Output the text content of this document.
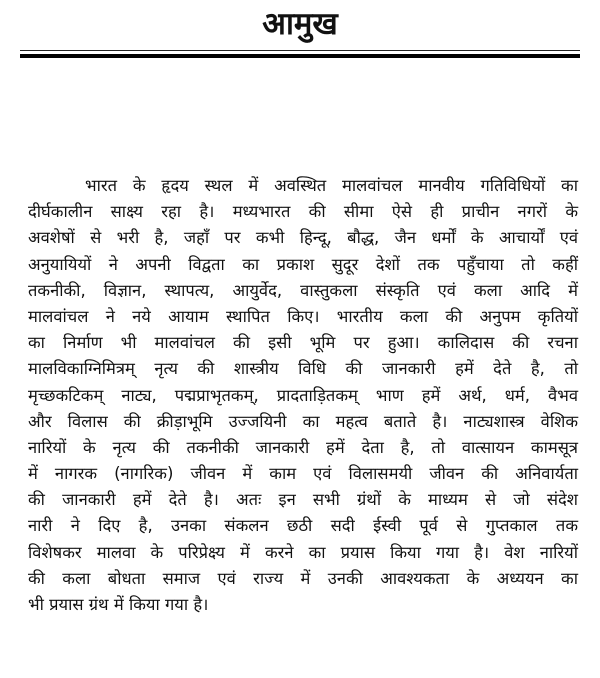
आमुख
भारत के हृदय स्थल में अवस्थित मालवांचल मानवीय गतिविधियों का
दीर्घकालीन साक्ष्य रहा है। मध्यभारत की सीमा ऐसे ही प्राचीन नगरों के
अवशेषों से भरी है, जहाँ पर कभी हिन्दू, बौद्ध, जैन धर्मों के आचार्यों एवं
अनुयायियों ने अपनी विद्वता का प्रकाश सुदूर देशों तक पहुँचाया तो कहीं
तकनीकी, विज्ञान, स्थापत्य, आयुर्वेद, वास्तुकला संस्कृति एवं कला आदि में
मालवांचल ने नये आयाम स्थापित किए। भारतीय कला की अनुपम कृतियों
का निर्माण भी मालवांचल की इसी भूमि पर हुआ। कालिदास की रचना
मालविकाग्निमित्रम् नृत्य की शास्त्रीय विधि की जानकारी हमें देते है, तो
मृच्छकटिकम् नाट्य, पद्मप्राभृतकम्, प्रादताड़ितकम् भाण हमें अर्थ, धर्म, वैभव
और विलास की क्रीड़ाभूमि उज्जयिनी का महत्व बताते है। नाट्यशास्त्र वेशिक
नारियों के नृत्य की तकनीकी जानकारी हमें देता है, तो वात्सायन कामसूत्र
में नागरक (नागरिक) जीवन में काम एवं विलासमयी जीवन की अनिवार्यता
की जानकारी हमें देते है। अतः इन सभी ग्रंथों के माध्यम से जो संदेश
नारी ने दिए है, उनका संकलन छठी सदी ईस्वी पूर्व से गुप्तकाल तक
विशेषकर मालवा के परिप्रेक्ष्य में करने का प्रयास किया गया है। वेश नारियों
की कला बोधता समाज एवं राज्य में उनकी आवश्यकता के अध्ययन का
भी प्रयास ग्रंथ में किया गया है।
